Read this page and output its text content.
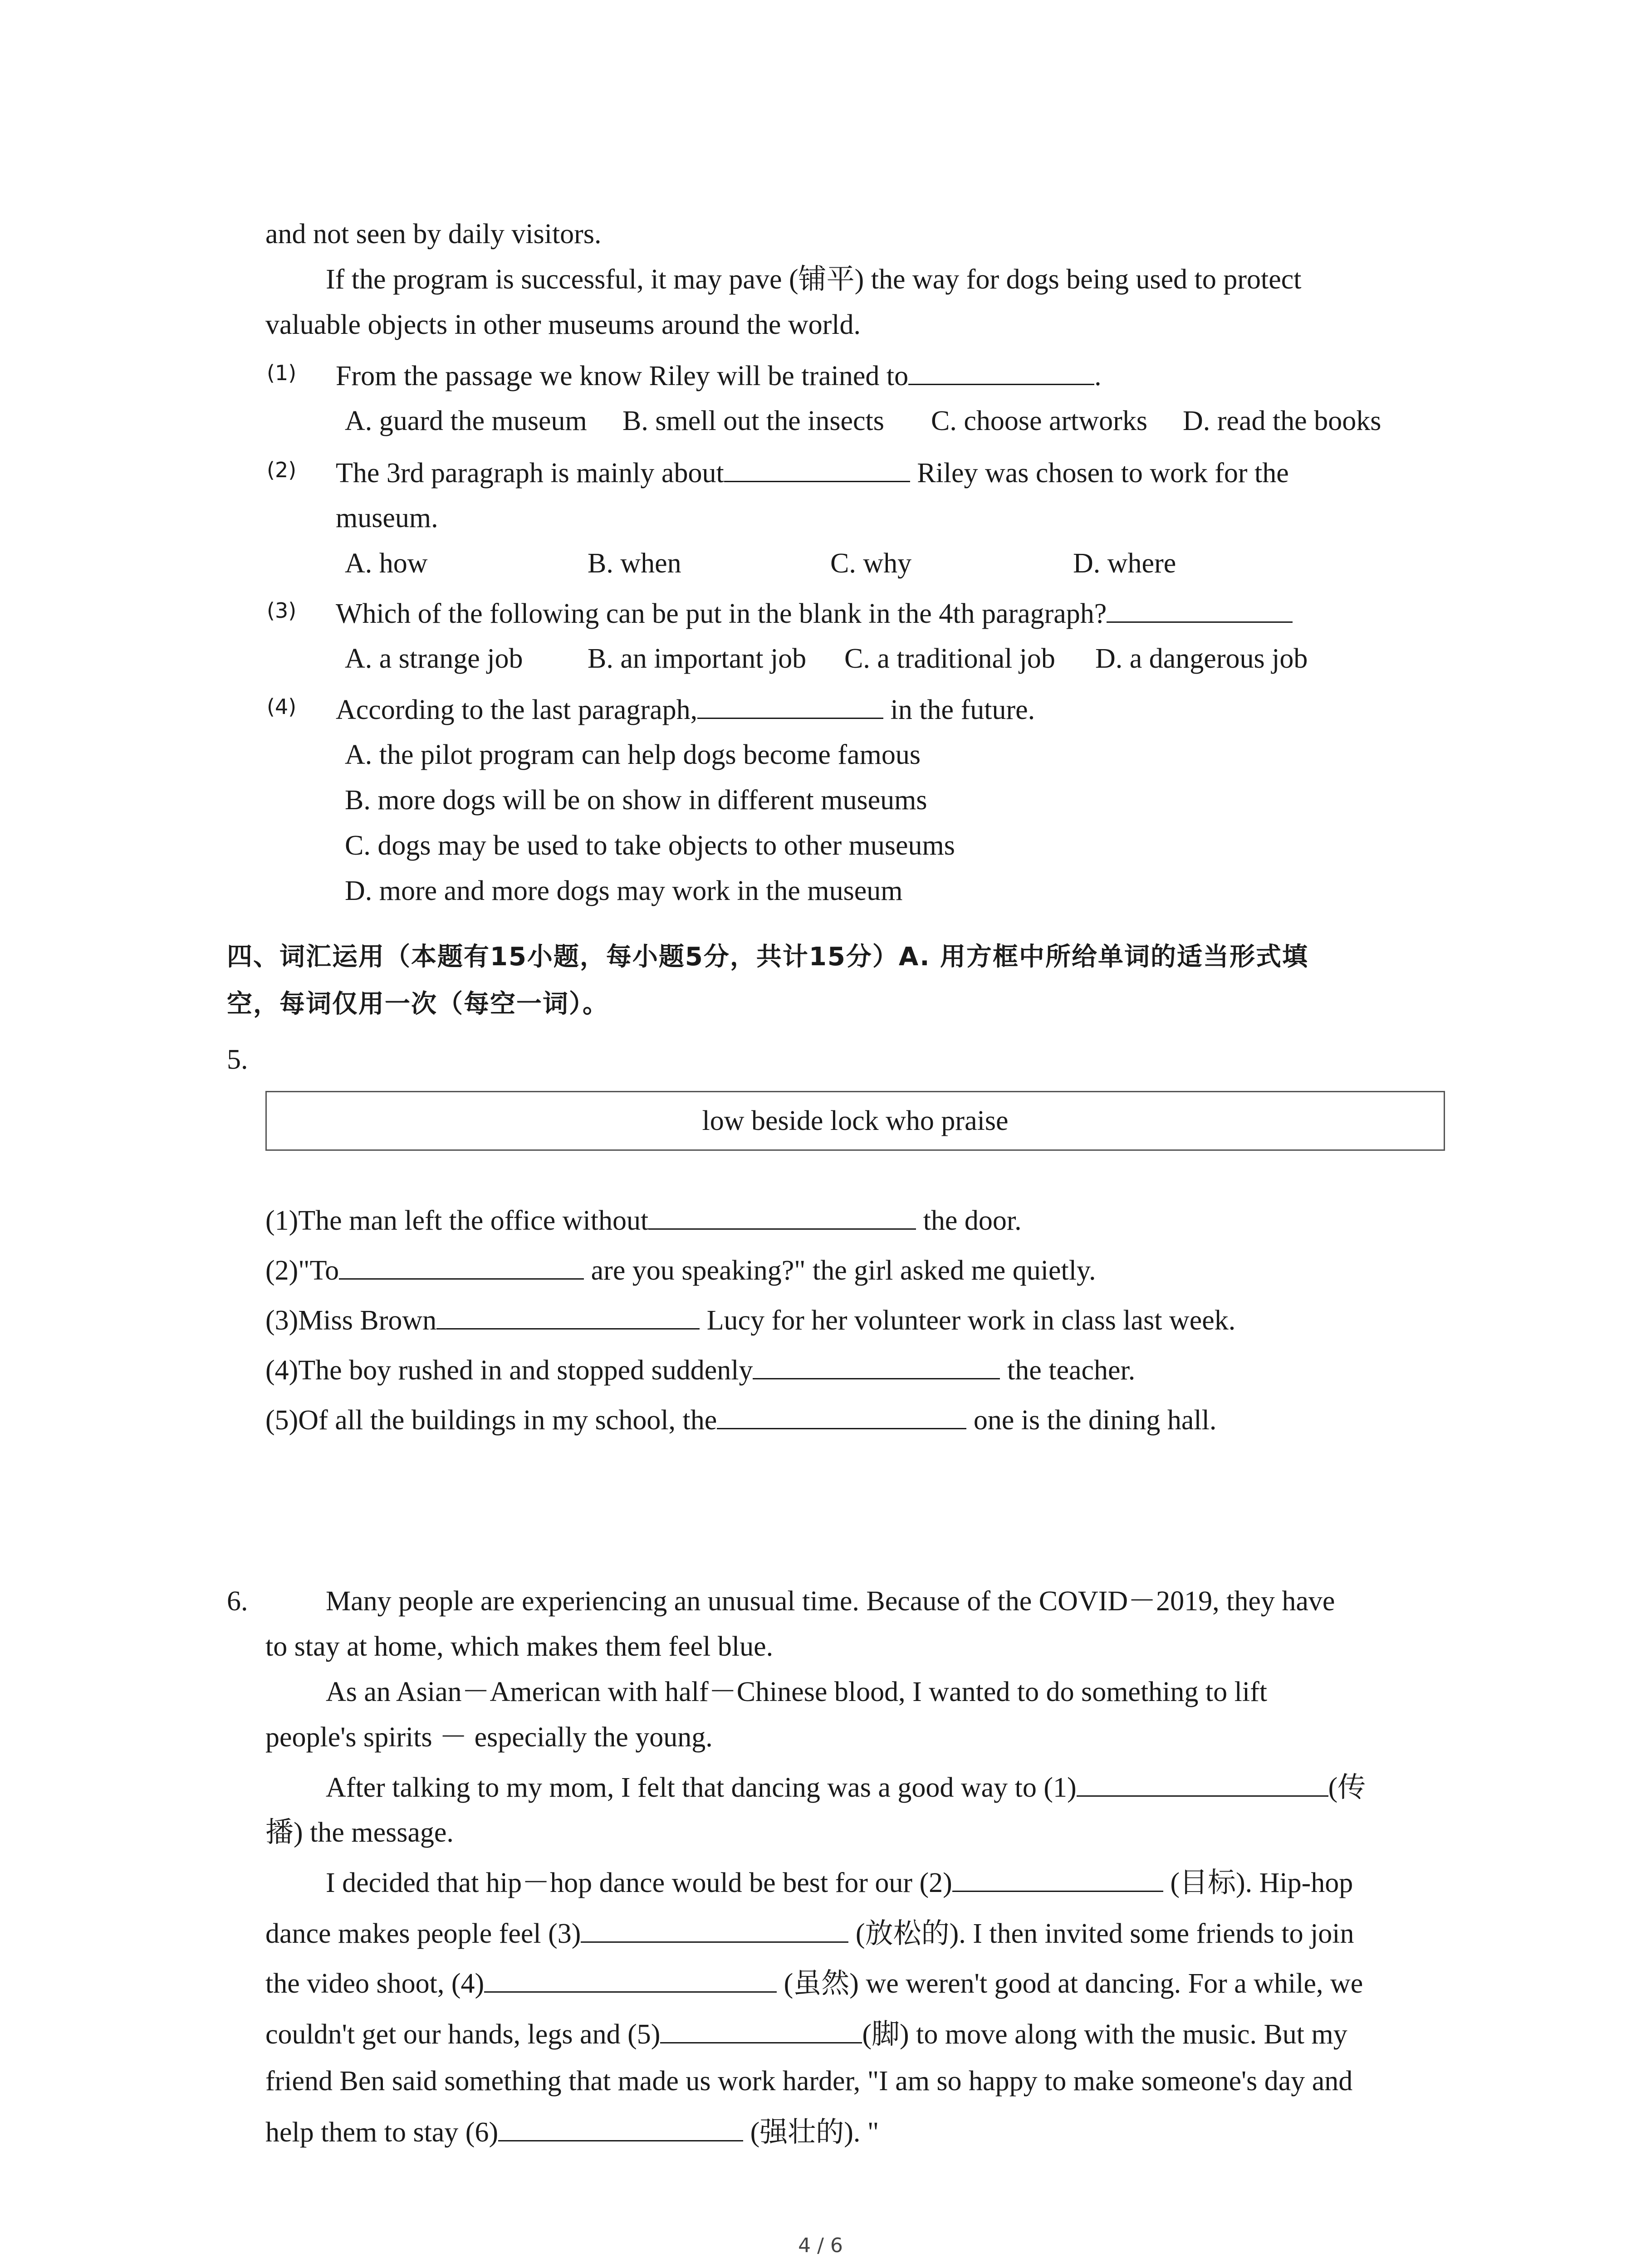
and not seen by daily visitors.
If the program is successful, it may pave (铺平) the way for dogs being used to protect
valuable objects in other museums around the world.
(1) From the passage we know Riley will be trained to	.
A. guard the museum B. smell out the insects C. choose artworks D. read the books
(2) The 3rd paragraph is mainly about	Riley was chosen to work for the
museum.
A. how	B. when	C. why	D. where
(3) Which of the following can be put in the blank in the 4th paragraph?
A. a strange job B. an important job C. a traditional job D. a dangerous job
(4) According to the last paragraph,	in the future.
A. the pilot program can help dogs become famous
B. more dogs will be on show in different museums
C. dogs may be used to take objects to other museums
D. more and more dogs may work in the museum
四、词汇运用（本题有15小题，每小题5分，共计15分）A. 用方框中所给单词的适当形式填
空，每词仅用一次（每空一词）。
5.
low beside lock who praise
(1)The man left the office without	the door.
(2)"To	are you speaking?" the girl asked me quietly.
(3)Miss Brown	Lucy for her volunteer work in class last week.
(4)The boy rushed in and stopped suddenly	the teacher.
(5)Of all the buildings in my school, the	one is the dining hall.
6.	Many people are experiencing an unusual time. Because of the COVID－2019, they have
to stay at home, which makes them feel blue.
As an Asian－American with half－Chinese blood, I wanted to do something to lift
people's spirits － especially the young.
After talking to my mom, I felt that dancing was a good way to (1)	(传
播) the message.
I decided that hip－hop dance would be best for our (2)	(目标). Hip-hop
dance makes people feel (3)	(放松的). I then invited some friends to join
the video shoot, (4)	(虽然) we weren't good at dancing. For a while, we
couldn't get our hands, legs and (5)	(脚) to move along with the music. But my
friend Ben said something that made us work harder, "I am so happy to make someone's day and
help them to stay (6)	(强壮的). "
4 / 6
